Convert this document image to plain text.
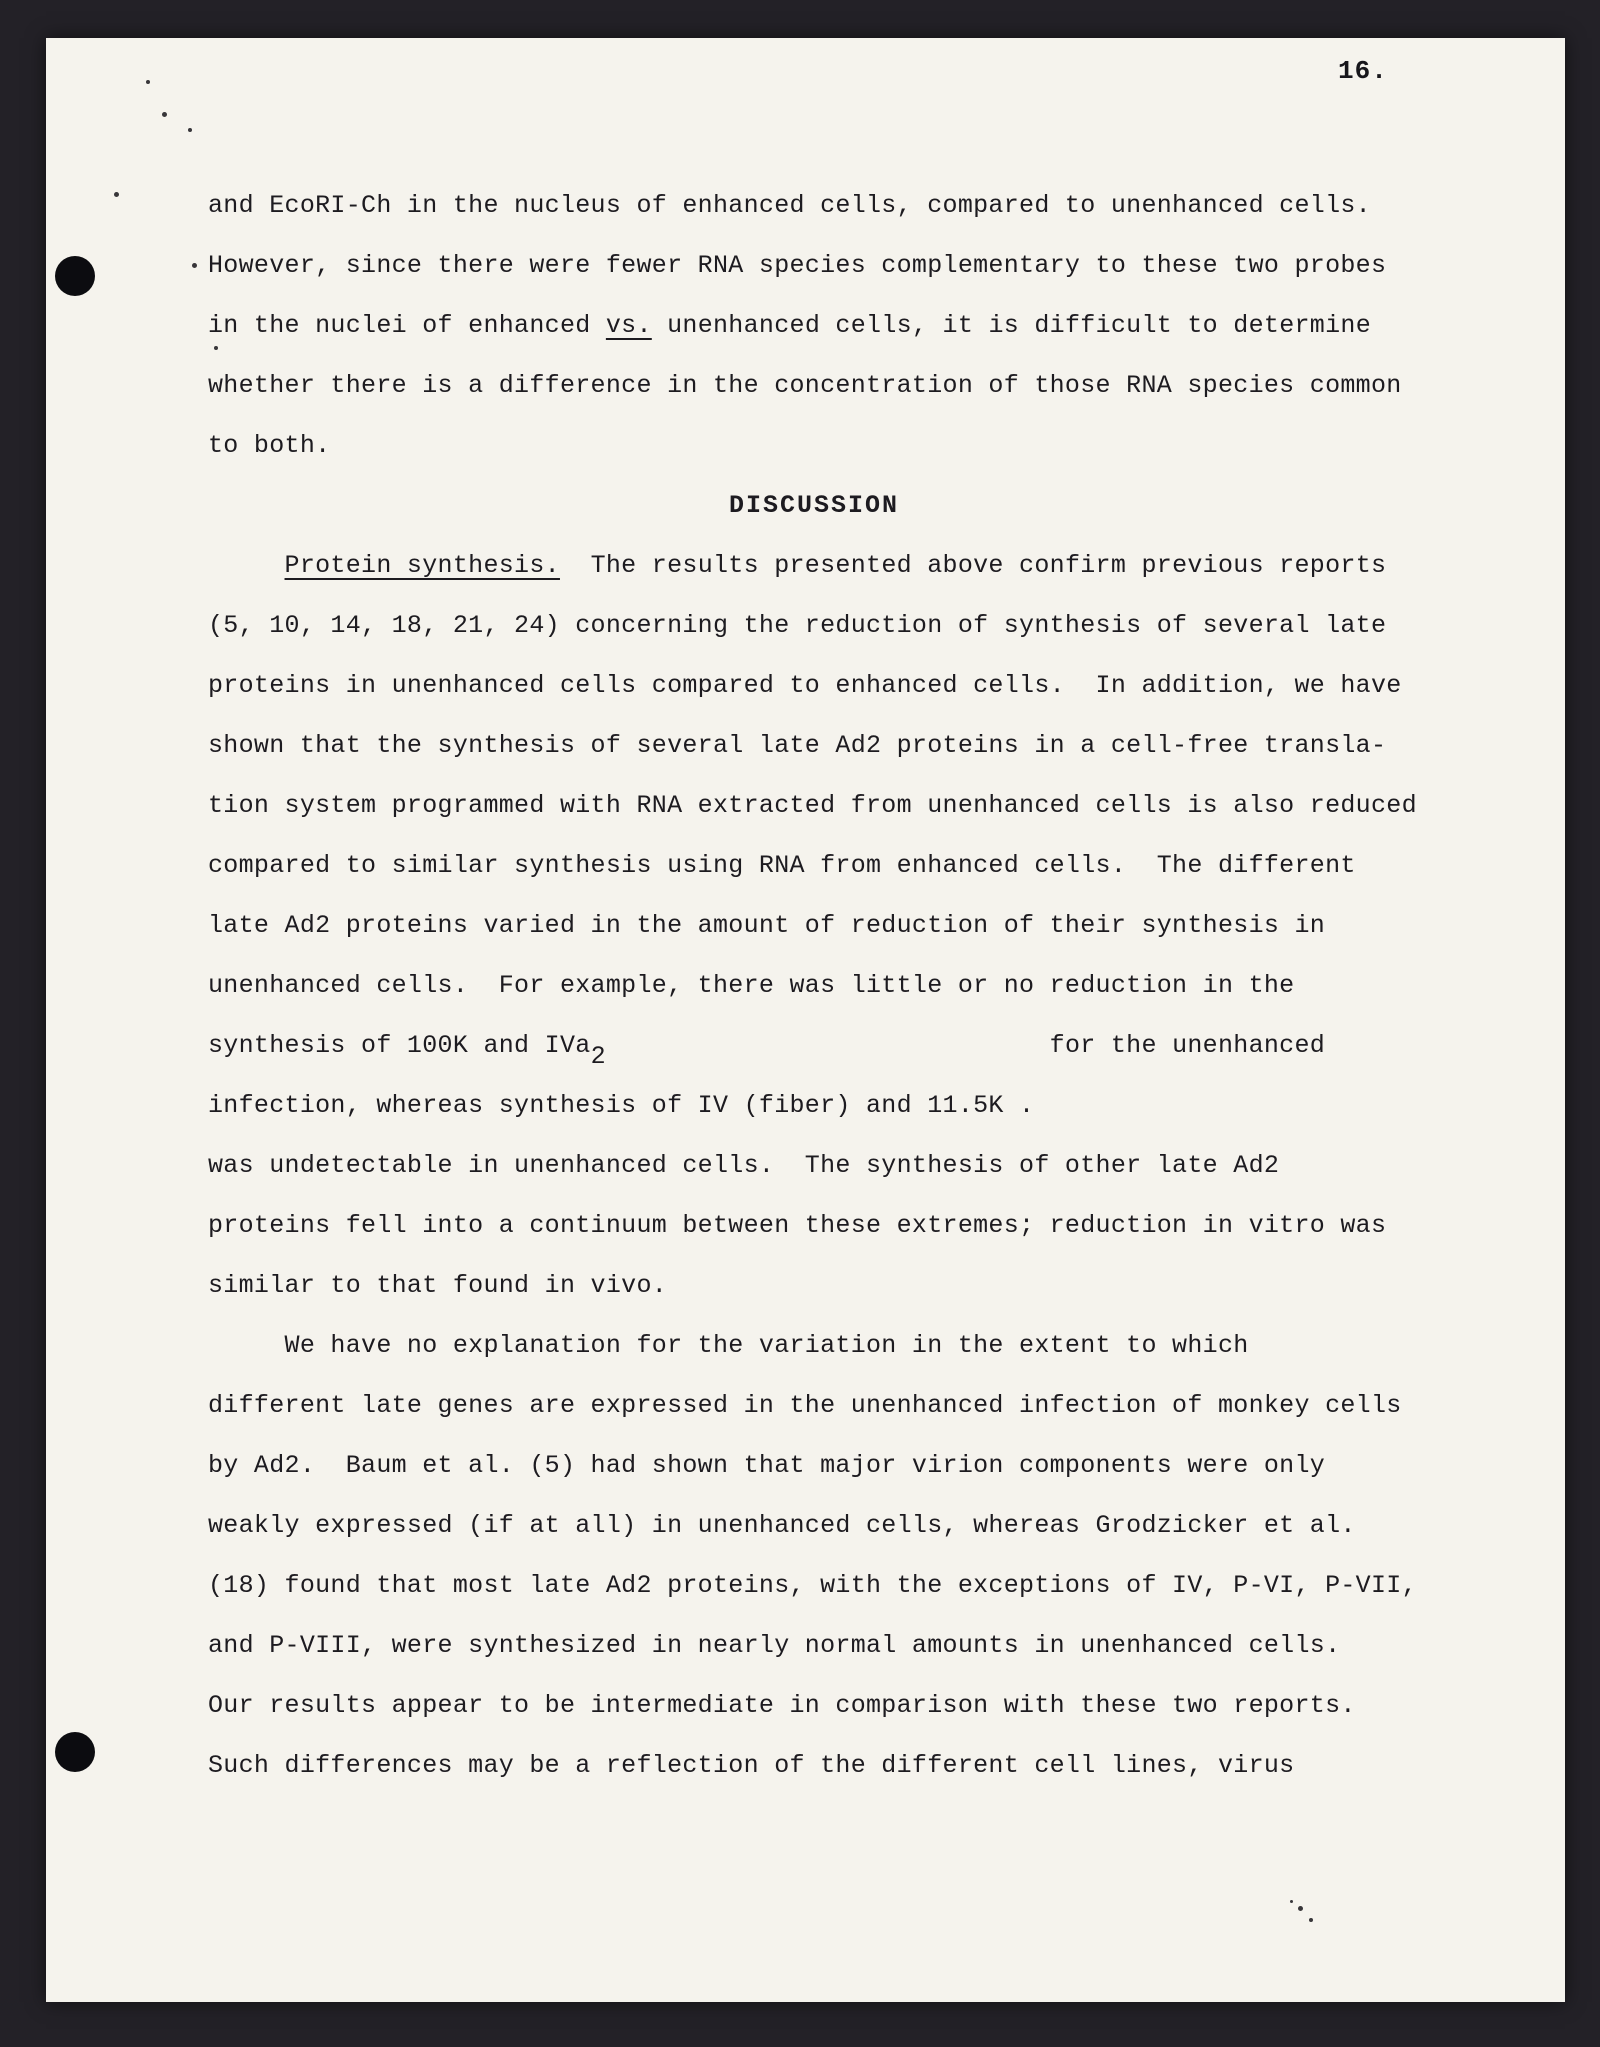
16.
and EcoRI-Ch in the nucleus of enhanced cells, compared to unenhanced cells.
However, since there were fewer RNA species complementary to these two probes
in the nuclei of enhanced vs. unenhanced cells, it is difficult to determine
whether there is a difference in the concentration of those RNA species common
to both.
DISCUSSION
Protein synthesis.  The results presented above confirm previous reports
(5, 10, 14, 18, 21, 24) concerning the reduction of synthesis of several late
proteins in unenhanced cells compared to enhanced cells.  In addition, we have
shown that the synthesis of several late Ad2 proteins in a cell-free transla-
tion system programmed with RNA extracted from unenhanced cells is also reduced
compared to similar synthesis using RNA from enhanced cells.  The different
late Ad2 proteins varied in the amount of reduction of their synthesis in
unenhanced cells.  For example, there was little or no reduction in the
synthesis of 100K and IVa2                             for the unenhanced
infection, whereas synthesis of IV (fiber) and 11.5K .
was undetectable in unenhanced cells.  The synthesis of other late Ad2
proteins fell into a continuum between these extremes; reduction in vitro was
similar to that found in vivo.
We have no explanation for the variation in the extent to which
different late genes are expressed in the unenhanced infection of monkey cells
by Ad2.  Baum et al. (5) had shown that major virion components were only
weakly expressed (if at all) in unenhanced cells, whereas Grodzicker et al.
(18) found that most late Ad2 proteins, with the exceptions of IV, P-VI, P-VII,
and P-VIII, were synthesized in nearly normal amounts in unenhanced cells.
Our results appear to be intermediate in comparison with these two reports.
Such differences may be a reflection of the different cell lines, virus
